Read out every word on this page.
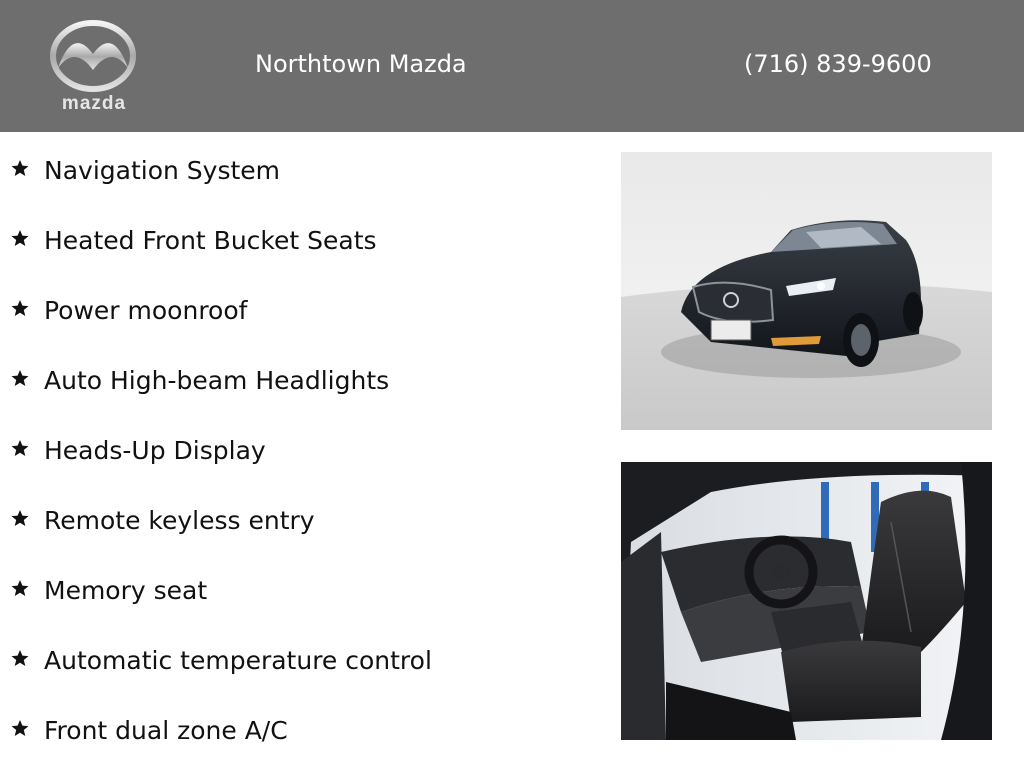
mazda
Northtown Mazda	(716) 839-9600
Navigation System
Heated Front Bucket Seats
Power moonroof
Auto High-beam Headlights
Heads-Up Display
Remote keyless entry
Memory seat
Automatic temperature control
Front dual zone A/C
